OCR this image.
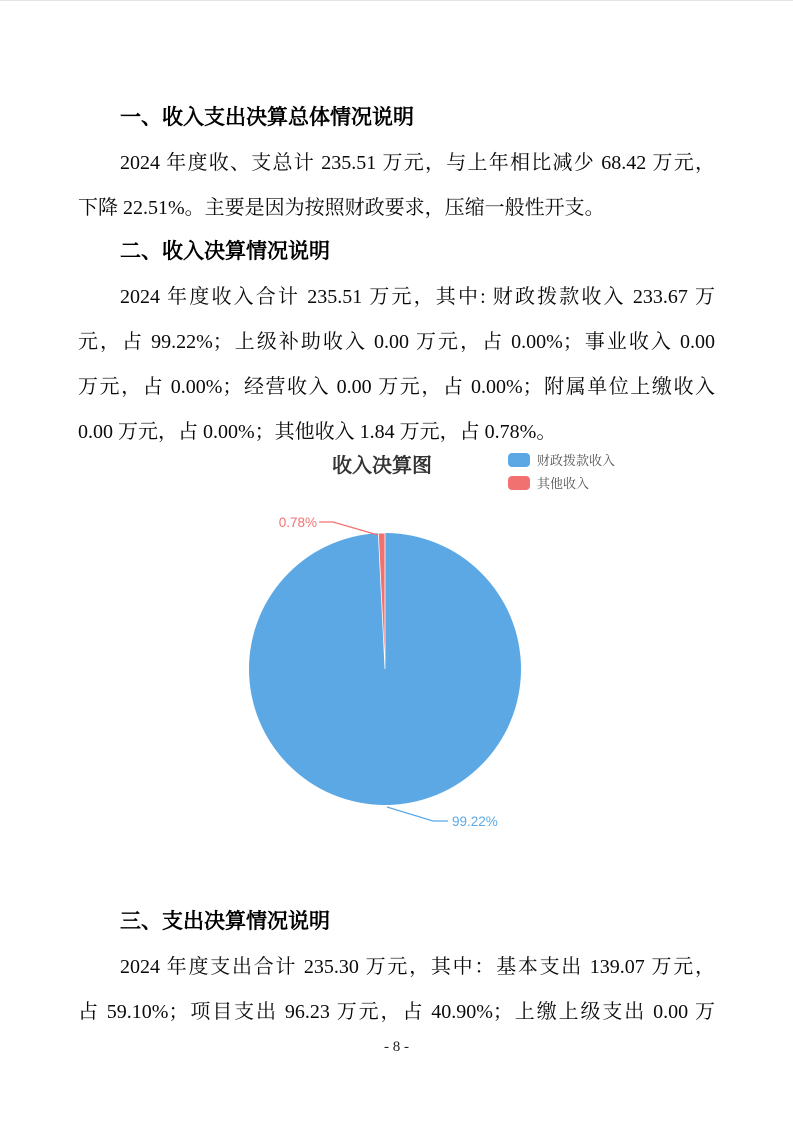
一、收入支出决算总体情况说明
2024 年度收、支总计 235.51 万元，与上年相比减少 68.42 万元，
下降 22.51%。主要是因为按照财政要求，压缩一般性开支。
二、收入决算情况说明
2024 年度收入合计 235.51 万元，其中: 财政拨款收入 233.67 万
元，占 99.22%；上级补助收入 0.00 万元，占 0.00%；事业收入 0.00
万元，占 0.00%；经营收入 0.00 万元，占 0.00%；附属单位上缴收入
0.00 万元，占 0.00%；其他收入 1.84 万元，占 0.78%。
收入决算图	财政拨款收入
其他收入
0.78%
99.22%
三、支出决算情况说明
2024 年度支出合计 235.30 万元，其中：基本支出 139.07 万元，
占 59.10%；项目支出 96.23 万元，占 40.90%；上缴上级支出 0.00 万
- 8 -
